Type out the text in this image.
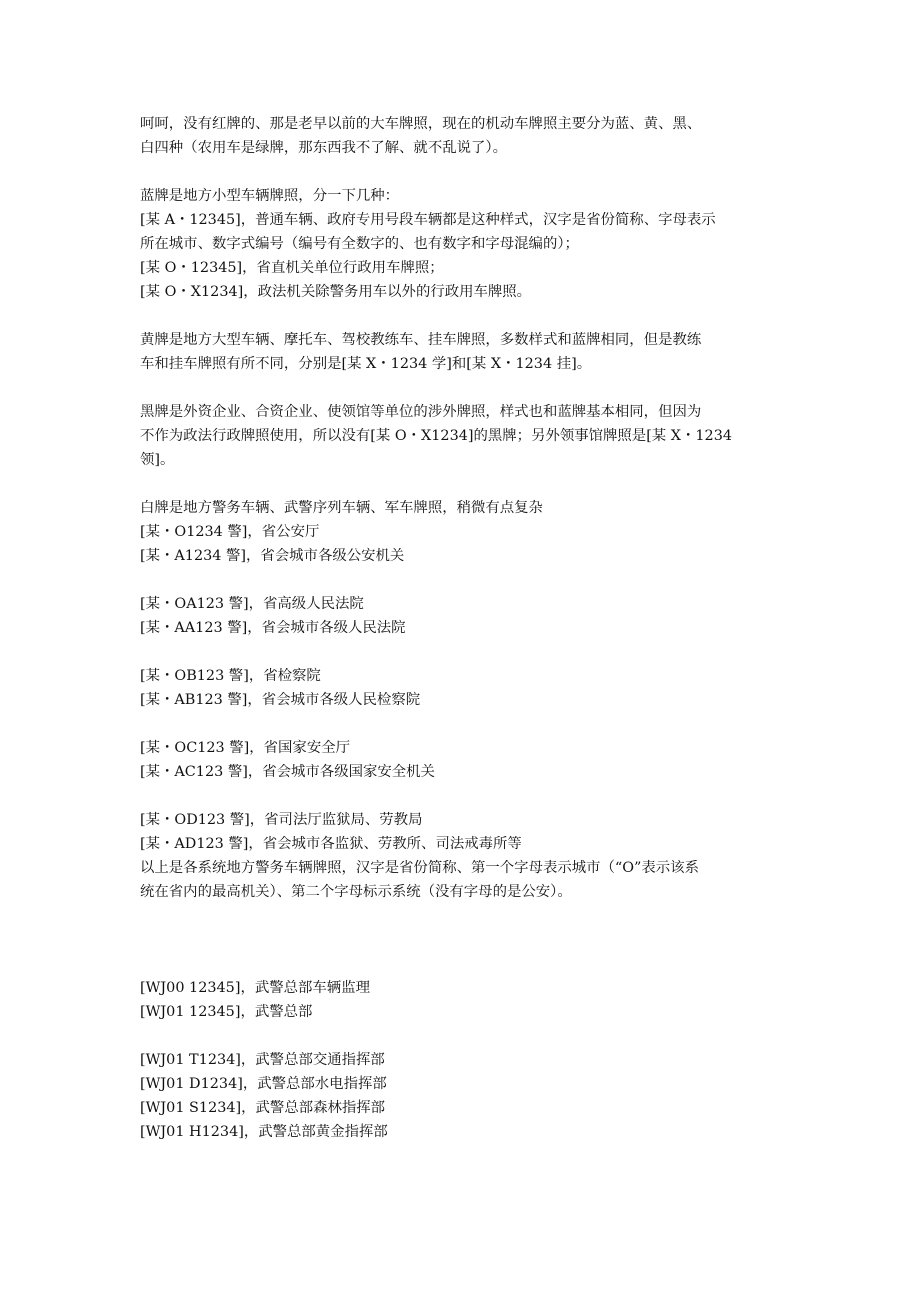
呵呵，没有红牌的、那是老早以前的大车牌照，现在的机动车牌照主要分为蓝、黄、黑、
白四种（农用车是绿牌，那东西我不了解、就不乱说了）。
蓝牌是地方小型车辆牌照，分一下几种：
[某 A・12345]，普通车辆、政府专用号段车辆都是这种样式，汉字是省份简称、字母表示
所在城市、数字式编号（编号有全数字的、也有数字和字母混编的）；
[某 O・12345]，省直机关单位行政用车牌照；
[某 O・X1234]，政法机关除警务用车以外的行政用车牌照。
黄牌是地方大型车辆、摩托车、驾校教练车、挂车牌照，多数样式和蓝牌相同，但是教练
车和挂车牌照有所不同，分别是[某 X・1234 学]和[某 X・1234 挂]。
黑牌是外资企业、合资企业、使领馆等单位的涉外牌照，样式也和蓝牌基本相同，但因为
不作为政法行政牌照使用，所以没有[某 O・X1234]的黑牌；另外领事馆牌照是[某 X・1234
领]。
白牌是地方警务车辆、武警序列车辆、军车牌照，稍微有点复杂
[某・O1234 警]，省公安厅
[某・A1234 警]，省会城市各级公安机关
[某・OA123 警]，省高级人民法院
[某・AA123 警]，省会城市各级人民法院
[某・OB123 警]，省检察院
[某・AB123 警]，省会城市各级人民检察院
[某・OC123 警]，省国家安全厅
[某・AC123 警]，省会城市各级国家安全机关
[某・OD123 警]，省司法厅监狱局、劳教局
[某・AD123 警]，省会城市各监狱、劳教所、司法戒毒所等
以上是各系统地方警务车辆牌照，汉字是省份简称、第一个字母表示城市（“O”表示该系
统在省内的最高机关）、第二个字母标示系统（没有字母的是公安）。
[WJ00 12345]，武警总部车辆监理
[WJ01 12345]，武警总部
[WJ01 T1234]，武警总部交通指挥部
[WJ01 D1234]，武警总部水电指挥部
[WJ01 S1234]，武警总部森林指挥部
[WJ01 H1234]，武警总部黄金指挥部
